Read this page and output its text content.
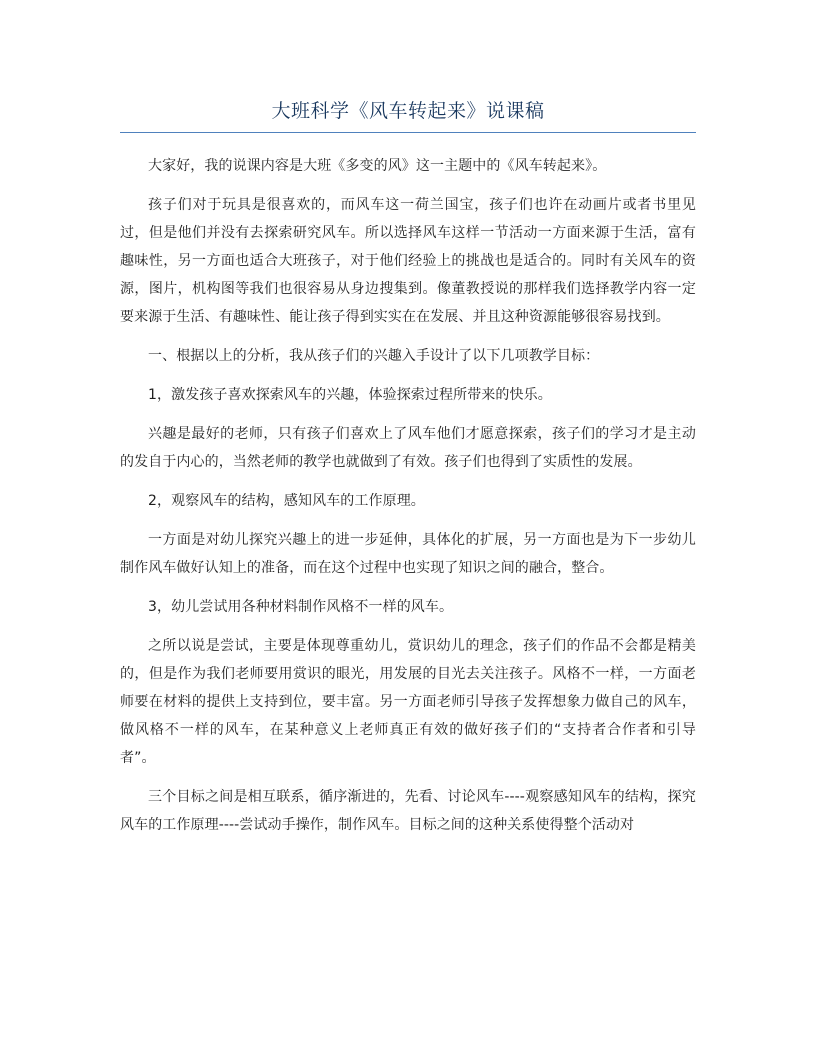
大班科学《风车转起来》说课稿

大家好，我的说课内容是大班《多变的风》这一主题中的《风车转起来》。

孩子们对于玩具是很喜欢的，而风车这一荷兰国宝，孩子们也许在动画片或者书里见过，但是他们并没有去探索研究风车。所以选择风车这样一节活动一方面来源于生活，富有趣味性，另一方面也适合大班孩子，对于他们经验上的挑战也是适合的。同时有关风车的资源，图片，机构图等我们也很容易从身边搜集到。像董教授说的那样我们选择教学内容一定要来源于生活、有趣味性、能让孩子得到实实在在发展、并且这种资源能够很容易找到。

一、根据以上的分析，我从孩子们的兴趣入手设计了以下几项教学目标：

1，激发孩子喜欢探索风车的兴趣，体验探索过程所带来的快乐。

兴趣是最好的老师，只有孩子们喜欢上了风车他们才愿意探索，孩子们的学习才是主动的发自于内心的，当然老师的教学也就做到了有效。孩子们也得到了实质性的发展。

2，观察风车的结构，感知风车的工作原理。

一方面是对幼儿探究兴趣上的进一步延伸，具体化的扩展，另一方面也是为下一步幼儿制作风车做好认知上的准备，而在这个过程中也实现了知识之间的融合，整合。

3，幼儿尝试用各种材料制作风格不一样的风车。

之所以说是尝试，主要是体现尊重幼儿，赏识幼儿的理念，孩子们的作品不会都是精美的，但是作为我们老师要用赏识的眼光，用发展的目光去关注孩子。风格不一样，一方面老师要在材料的提供上支持到位，要丰富。另一方面老师引导孩子发挥想象力做自己的风车，做风格不一样的风车，在某种意义上老师真正有效的做好孩子们的“支持者合作者和引导者”。

三个目标之间是相互联系，循序渐进的，先看、讨论风车----观察感知风车的结构，探究风车的工作原理----尝试动手操作，制作风车。目标之间的这种关系使得整个活动对
